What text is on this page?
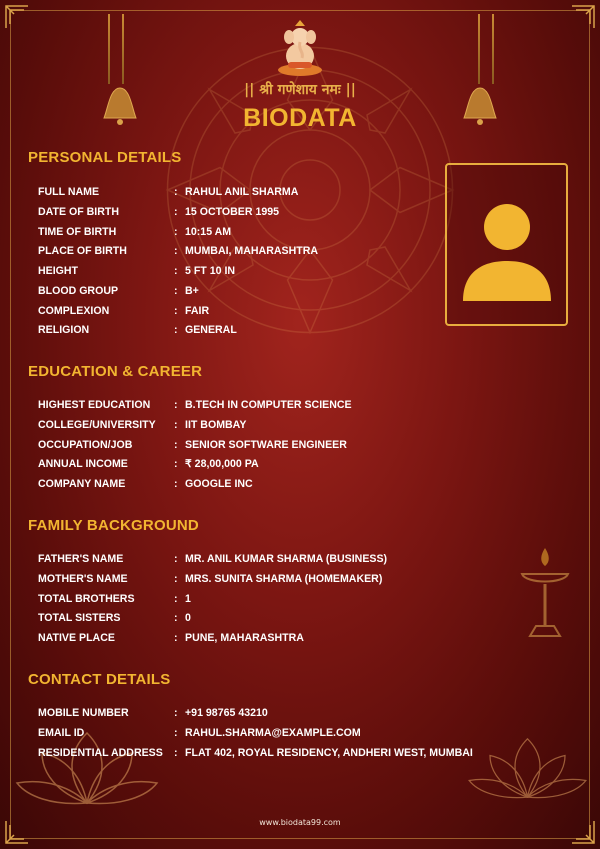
|| श्री गणेशाय नमः ||
BIODATA
PERSONAL DETAILS
FULL NAME	: RAHUL ANIL SHARMA
DATE OF BIRTH	: 15 OCTOBER 1995
TIME OF BIRTH	: 10:15 AM
PLACE OF BIRTH	: MUMBAI, MAHARASHTRA
HEIGHT	: 5 FT 10 IN
BLOOD GROUP	: B+
COMPLEXION	: FAIR
RELIGION	: GENERAL
EDUCATION & CAREER
HIGHEST EDUCATION : B.TECH IN COMPUTER SCIENCE
COLLEGE/UNIVERSITY : IIT BOMBAY
OCCUPATION/JOB	: SENIOR SOFTWARE ENGINEER
ANNUAL INCOME	: ₹ 28,00,000 PA
COMPANY NAME	: GOOGLE INC
FAMILY BACKGROUND
FATHER'S NAME	: MR. ANIL KUMAR SHARMA (BUSINESS)
MOTHER'S NAME	: MRS. SUNITA SHARMA (HOMEMAKER)
TOTAL BROTHERS	: 1
TOTAL SISTERS	: 0
NATIVE PLACE	: PUNE, MAHARASHTRA
CONTACT DETAILS
MOBILE NUMBER	: +91 98765 43210
EMAIL ID	: RAHUL.SHARMA@EXAMPLE.COM
RESIDENTIAL ADDRESS : FLAT 402, ROYAL RESIDENCY, ANDHERI WEST, MUMBAI
www.biodata99.com
